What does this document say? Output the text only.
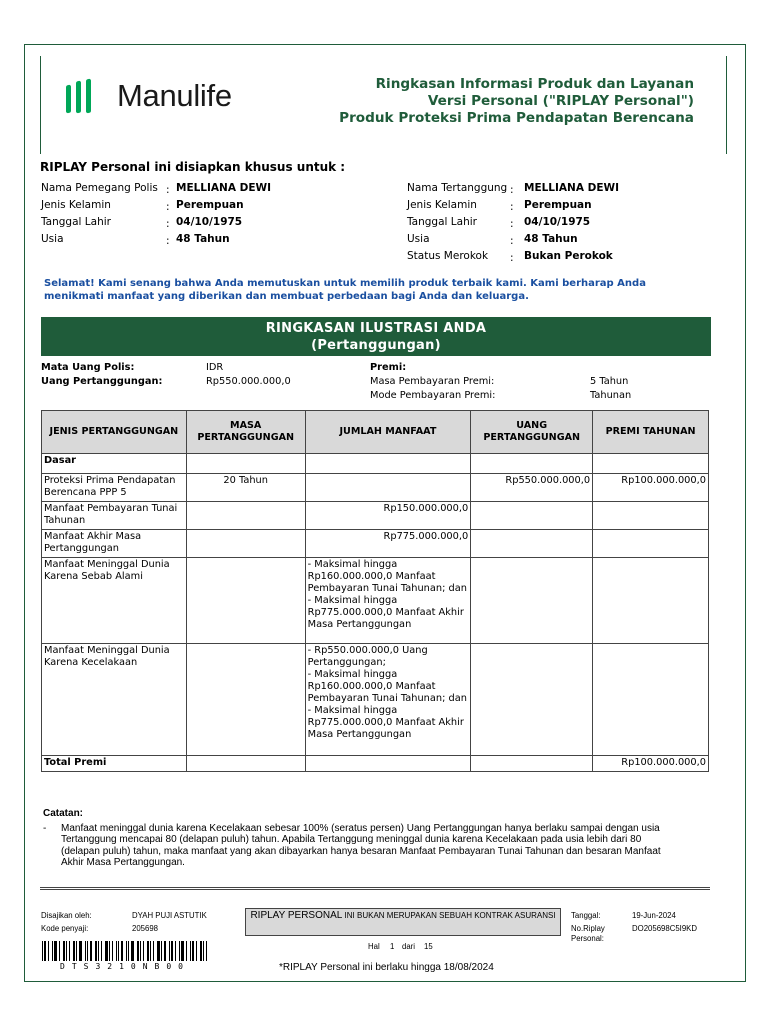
Manulife	Ringkasan Informasi Produk dan Layanan
Versi Personal ("RIPLAY Personal")
Produk Proteksi Prima Pendapatan Berencana
RIPLAY Personal ini disiapkan khusus untuk :
Nama Pemegang Polis : MELLIANA DEWI
Jenis Kelamin	: Perempuan
Tanggal Lahir	: 04/10/1975
Usia	: 48 Tahun
Nama Tertanggung : MELLIANA DEWI
Jenis Kelamin	: Perempuan
Tanggal Lahir	: 04/10/1975
Usia	: 48 Tahun
Status Merokok	: Bukan Perokok
Selamat! Kami senang bahwa Anda memutuskan untuk memilih produk terbaik kami. Kami berharap Anda menikmati manfaat yang diberikan dan membuat perbedaan bagi Anda dan keluarga.
RINGKASAN ILUSTRASI ANDA
(Pertanggungan)
Mata Uang Polis:	IDR
Uang Pertanggungan:	Rp550.000.000,0
Premi:
Masa Pembayaran Premi:	5 Tahun
Mode Pembayaran Premi:	Tahunan
JENIS PERTANGGUNGAN	MASA PERTANGGUNGAN	JUMLAH MANFAAT	UANG PERTANGGUNGAN	PREMI TAHUNAN
Dasar				
Proteksi Prima Pendapatan Berencana PPP 5	20 Tahun		Rp550.000.000,0	Rp100.000.000,0
Manfaat Pembayaran Tunai Tahunan		Rp150.000.000,0		
Manfaat Akhir Masa Pertanggungan		Rp775.000.000,0		
Manfaat Meninggal Dunia Karena Sebab Alami		- Maksimal hingga Rp160.000.000,0 Manfaat Pembayaran Tunai Tahunan; dan
- Maksimal hingga Rp775.000.000,0 Manfaat Akhir Masa Pertanggungan		
Manfaat Meninggal Dunia Karena Kecelakaan		- Rp550.000.000,0 Uang Pertanggungan;
- Maksimal hingga Rp160.000.000,0 Manfaat Pembayaran Tunai Tahunan; dan
- Maksimal hingga Rp775.000.000,0 Manfaat Akhir Masa Pertanggungan		
Total Premi				Rp100.000.000,0
Catatan:
-	Manfaat meninggal dunia karena Kecelakaan sebesar 100% (seratus persen) Uang Pertanggungan hanya berlaku sampai dengan usia Tertanggung mencapai 80 (delapan puluh) tahun. Apabila Tertanggung meninggal dunia karena Kecelakaan pada usia lebih dari 80 (delapan puluh) tahun, maka manfaat yang akan dibayarkan hanya besaran Manfaat Pembayaran Tunai Tahunan dan besaran Manfaat Akhir Masa Pertanggungan.
Disajikan oleh:	DYAH PUJI ASTUTIK
Kode penyaji:	205698
RIPLAY PERSONAL INI BUKAN MERUPAKAN SEBUAH KONTRAK ASURANSI
Hal 1 dari 15
Tanggal:	19-Jun-2024
No.Riplay Personal:
DO205698C5I9KD
DTS3210NB00	*RIPLAY Personal ini berlaku hingga 18/08/2024
